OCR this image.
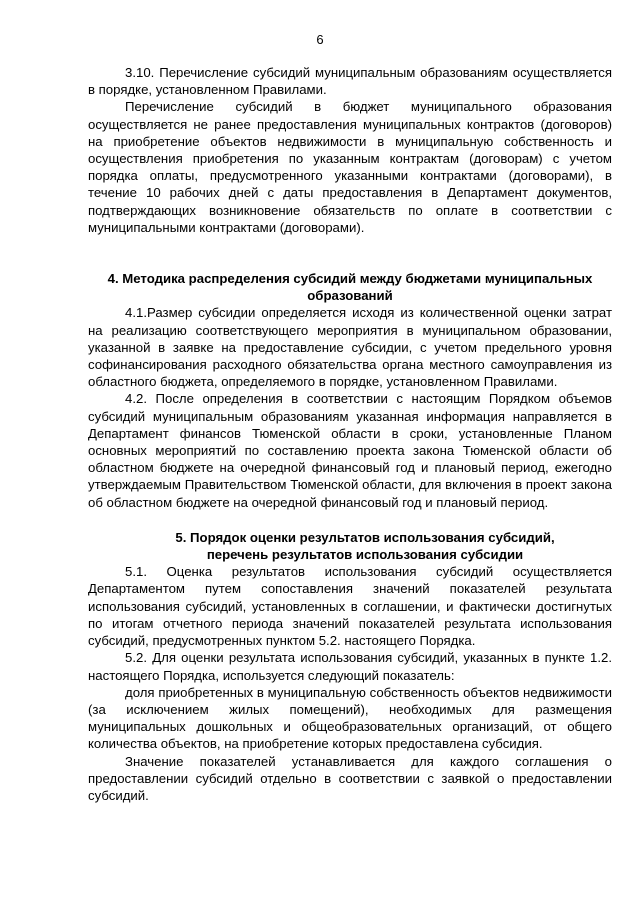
6

3.10. Перечисление субсидий муниципальным образованиям осуществляется в порядке, установленном Правилами.

Перечисление субсидий в бюджет муниципального образования осуществляется не ранее предоставления муниципальных контрактов (договоров) на приобретение объектов недвижимости в муниципальную собственность и осуществления приобретения по указанным контрактам (договорам) с учетом порядка оплаты, предусмотренного указанными контрактами (договорами), в течение 10 рабочих дней с даты предоставления в Департамент документов, подтверждающих возникновение обязательств по оплате в соответствии с муниципальными контрактами (договорами).

4. Методика распределения субсидий между бюджетами муниципальных
образований

4.1.Размер субсидии определяется исходя из количественной оценки затрат на реализацию соответствующего мероприятия в муниципальном образовании, указанной в заявке на предоставление субсидии, с учетом предельного уровня софинансирования расходного обязательства органа местного самоуправления из областного бюджета, определяемого в порядке, установленном Правилами.

4.2. После определения в соответствии с настоящим Порядком объемов субсидий муниципальным образованиям указанная информация направляется в Департамент финансов Тюменской области в сроки, установленные Планом основных мероприятий по составлению проекта закона Тюменской области об областном бюджете на очередной финансовый год и плановый период, ежегодно утверждаемым Правительством Тюменской области, для включения в проект закона об областном бюджете на очередной финансовый год и плановый период.

5. Порядок оценки результатов использования субсидий,
перечень результатов использования субсидии

5.1. Оценка результатов использования субсидий осуществляется Департаментом путем сопоставления значений показателей результата использования субсидий, установленных в соглашении, и фактически достигнутых по итогам отчетного периода значений показателей результата использования субсидий, предусмотренных пунктом 5.2. настоящего Порядка.

5.2. Для оценки результата использования субсидий, указанных в пункте 1.2. настоящего Порядка, используется следующий показатель:

доля приобретенных в муниципальную собственность объектов недвижимости (за исключением жилых помещений), необходимых для размещения муниципальных дошкольных и общеобразовательных организаций, от общего количества объектов, на приобретение которых предоставлена субсидия.

Значение показателей устанавливается для каждого соглашения о предоставлении субсидий отдельно в соответствии с заявкой о предоставлении субсидий.
